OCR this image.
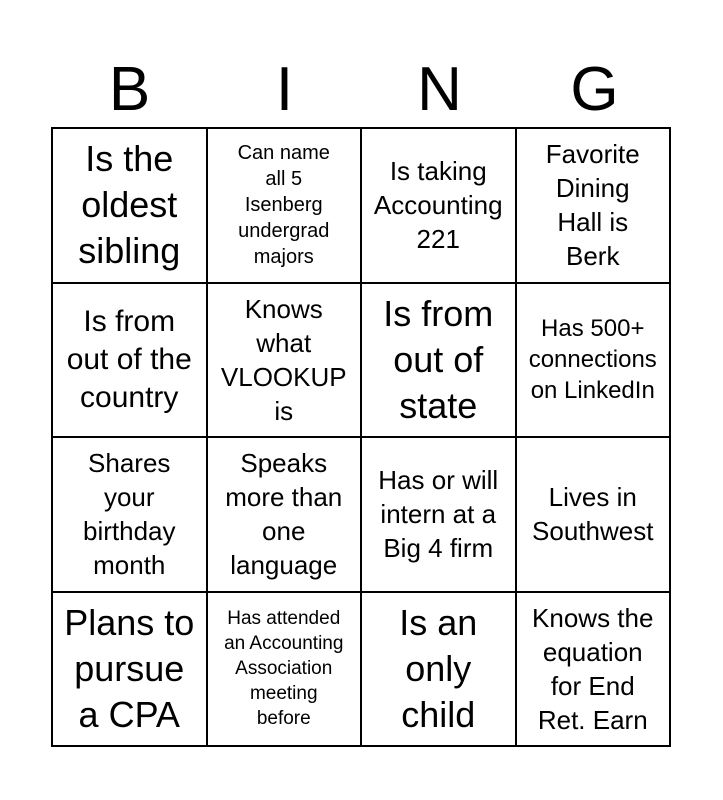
B	I	N	G
Is the
oldest
sibling
Can name
all 5
Isenberg
undergrad
majors
Is taking
Accounting
221
Favorite
Dining
Hall is
Berk
Is from
out of the
country
Knows
what
VLOOKUP
is
Is from
out of
state
Has 500+
connections
on LinkedIn
Shares
your
birthday
month
Speaks
more than
one
language
Has or will
intern at a
Big 4 firm
Lives in
Southwest
Plans to
pursue
a CPA
Has attended
an Accounting
Association
meeting
before
Is an
only
child
Knows the
equation
for End
Ret. Earn
